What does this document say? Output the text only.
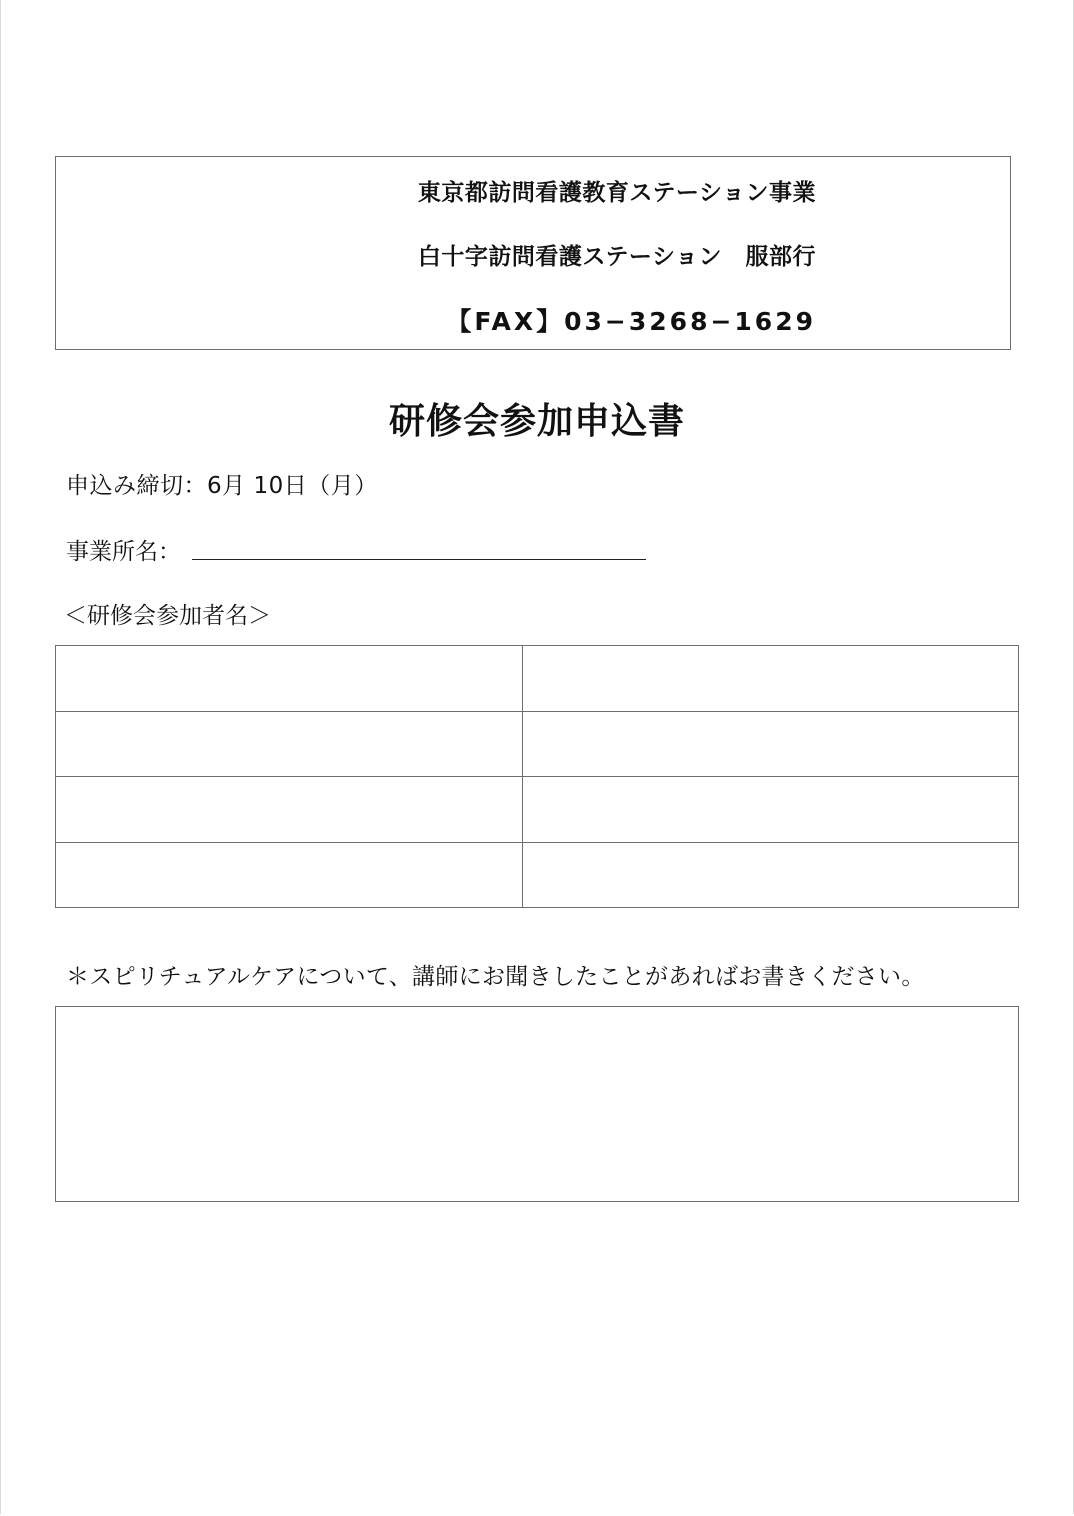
東京都訪問看護教育ステーション事業
白十字訪問看護ステーション　服部行
【FAX】03−3268−1629
研修会参加申込書
申込み締切：6月 10日（月）
事業所名：
＜研修会参加者名＞

＊スピリチュアルケアについて、講師にお聞きしたことがあればお書きください。
